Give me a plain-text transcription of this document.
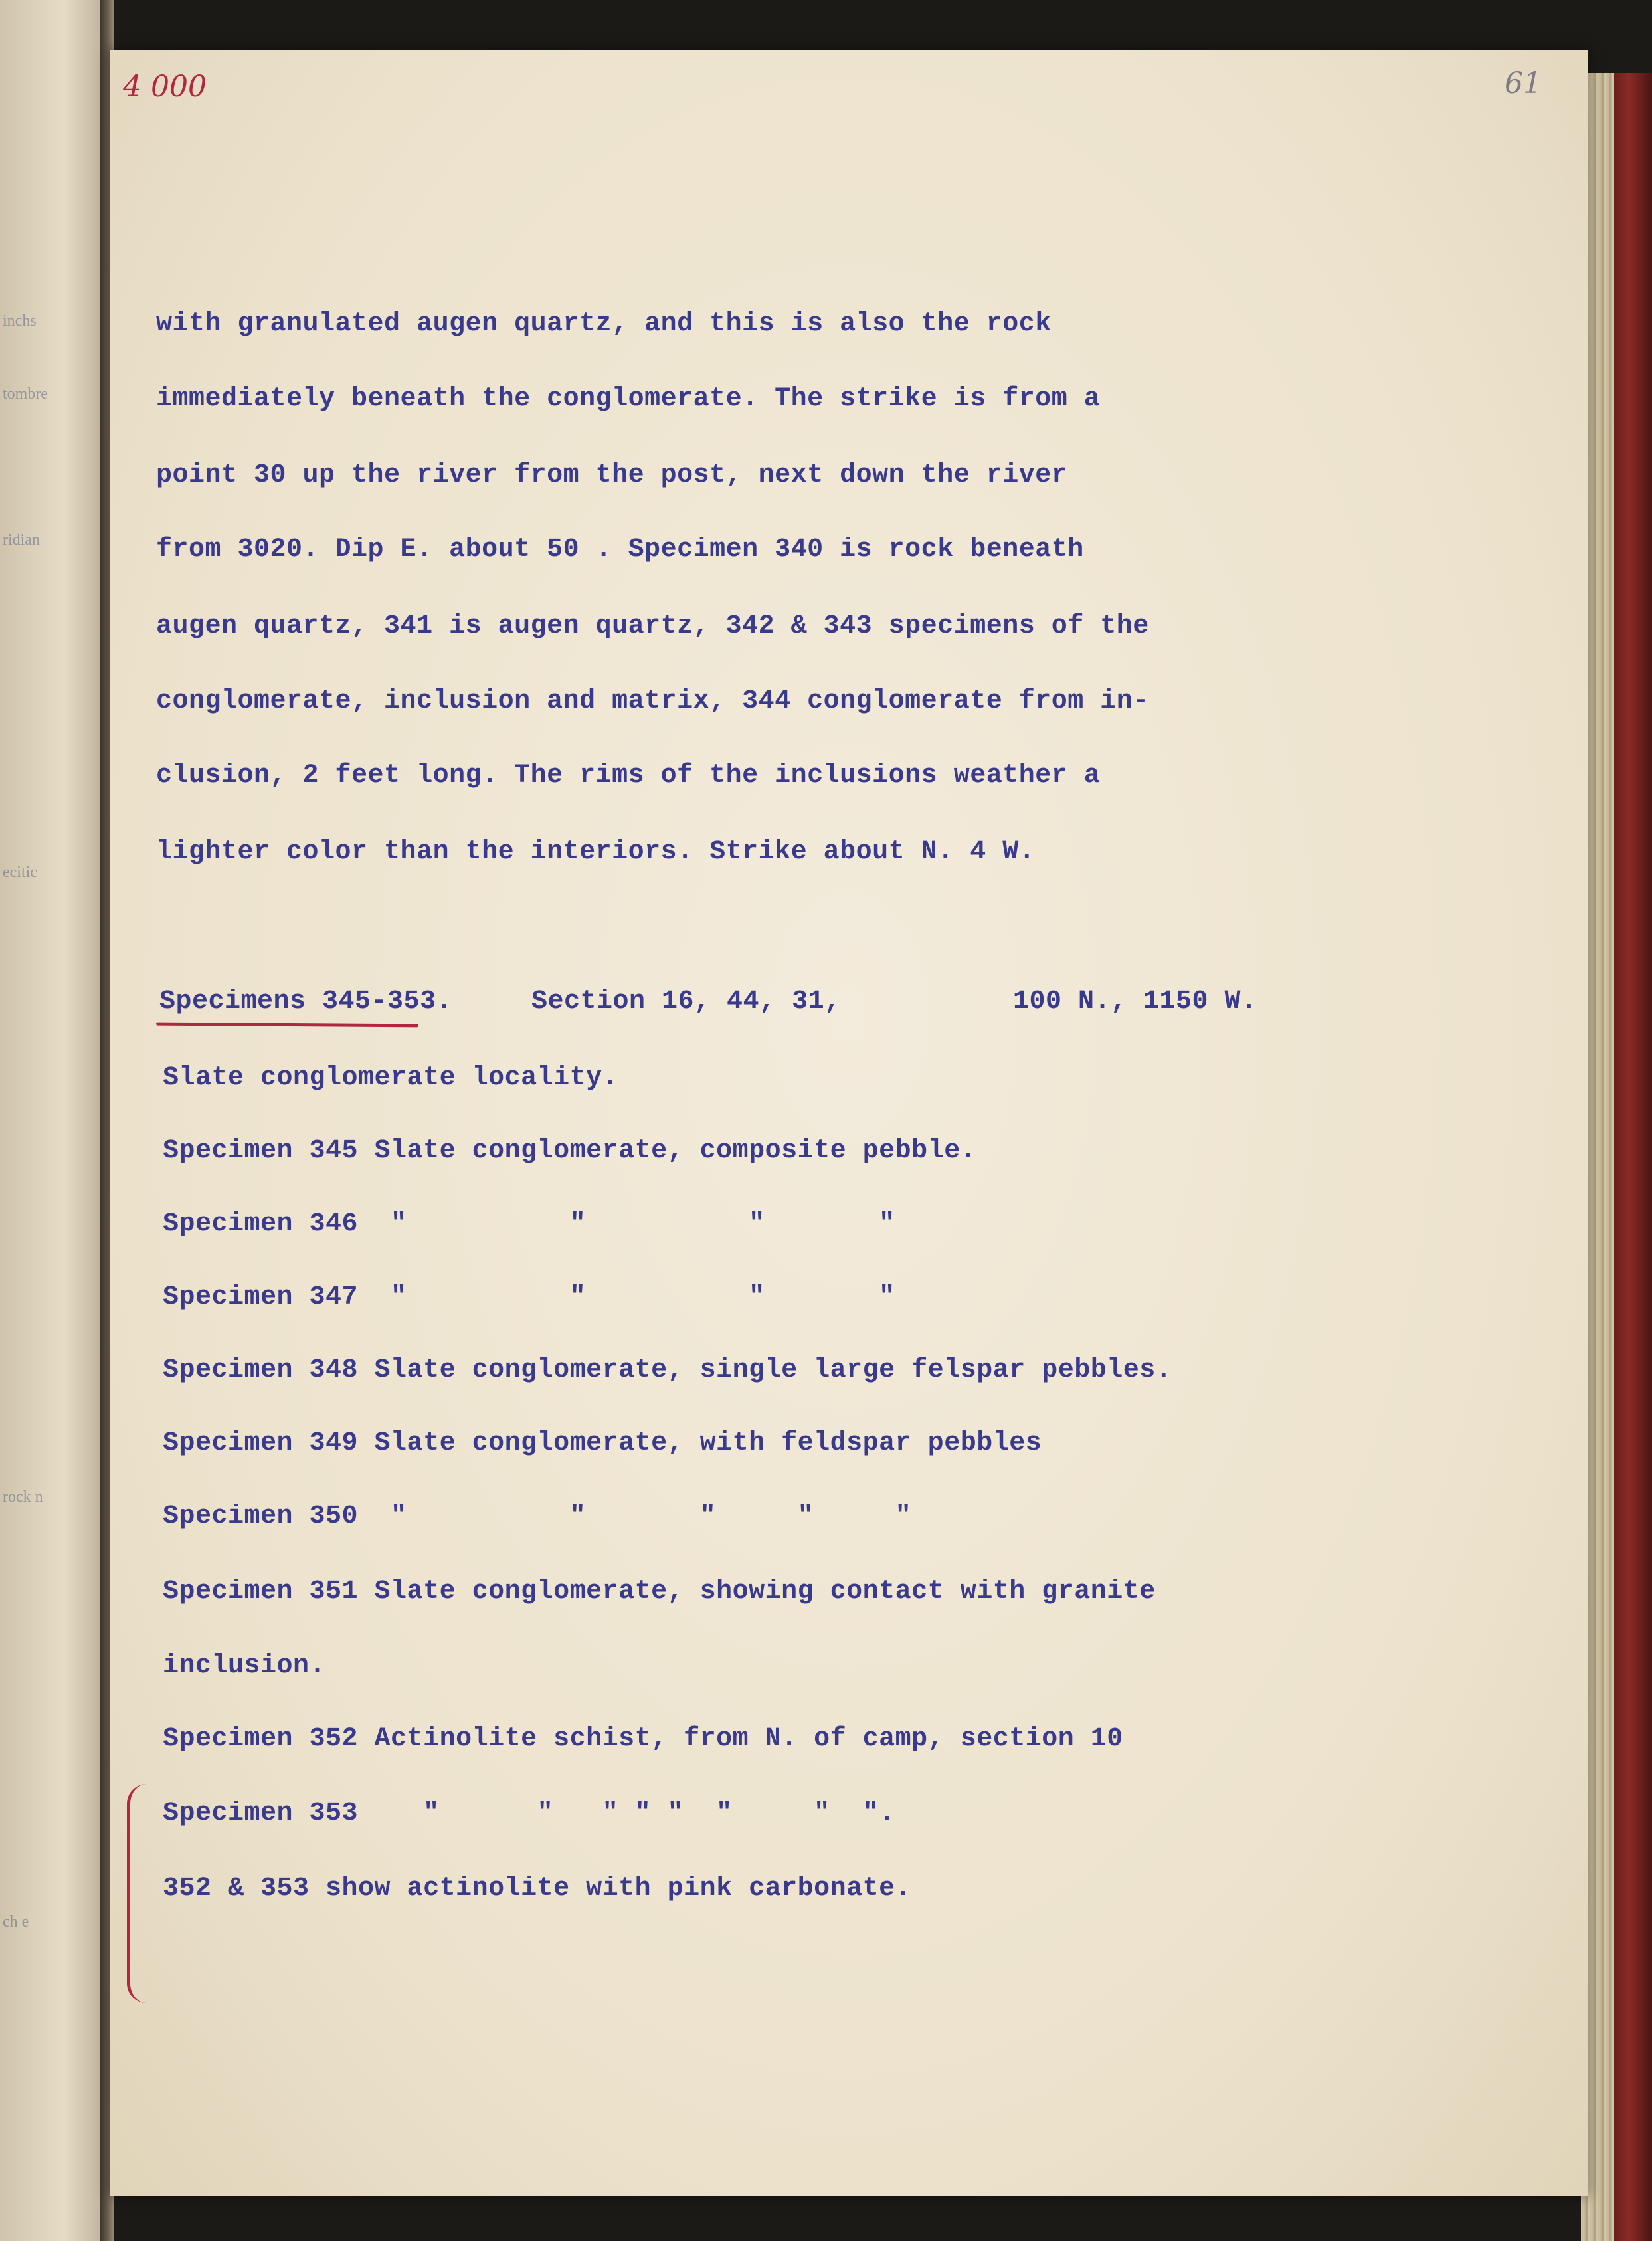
inchs
tombre
ridian
ecitic
rock n
ch e
4 000	61
with granulated augen quartz, and this is also the rock
immediately beneath the conglomerate. The strike is from a
point 30 up the river from the post, next down the river
from 3020. Dip E. about 50 . Specimen 340 is rock beneath
augen quartz, 341 is augen quartz, 342 & 343 specimens of the
conglomerate, inclusion and matrix, 344 conglomerate from in-
clusion, 2 feet long. The rims of the inclusions weather a
lighter color than the interiors. Strike about N. 4 W.
Specimens 345-353.	Section 16, 44, 31,	100 N., 1150 W.
Slate conglomerate locality.
Specimen 345 Slate conglomerate, composite pebble.
Specimen 346  "          "          "       "
Specimen 347  "          "          "       "
Specimen 348 Slate conglomerate, single large felspar pebbles.
Specimen 349 Slate conglomerate, with feldspar pebbles
Specimen 350  "          "       "     "     "
Specimen 351 Slate conglomerate, showing contact with granite
inclusion.
Specimen 352 Actinolite schist, from N. of camp, section 10
Specimen 353    "      "   " " "  "     "  ".
352 & 353 show actinolite with pink carbonate.
